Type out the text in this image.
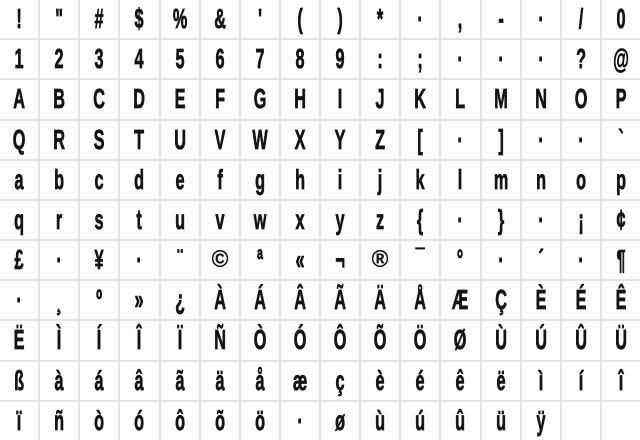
! " # $ % &	'	( ) * ·	,	- ·	/	0
1 2 3 4 5 6 7 8 9 : ; · · · ? @
A B C D E F G H	I	J K L M N O P
Q R S T U V W X Y Z [ · ] · · `
a b c d e f g h	i	j	k	l	m n o p
q r s t u v w x y z { · } · ¡ ¢
£ · ¥ · ¨	©	ª « ¬	® ¯ ° · ´ · ¶
· ¸ º » ¿ À Á Â Ã Ä Å Æ Ç È É Ê
Ë	Ì	Í	Î	Ï	Ñ Ò Ó Ô Õ Ö Ø Ù Ú Û Ü
ß à á â ã ä å æ ç è é ê ë	ì	í	î
ï	ñ ò ó ô õ ö · ø ù ú û ü ÿ
